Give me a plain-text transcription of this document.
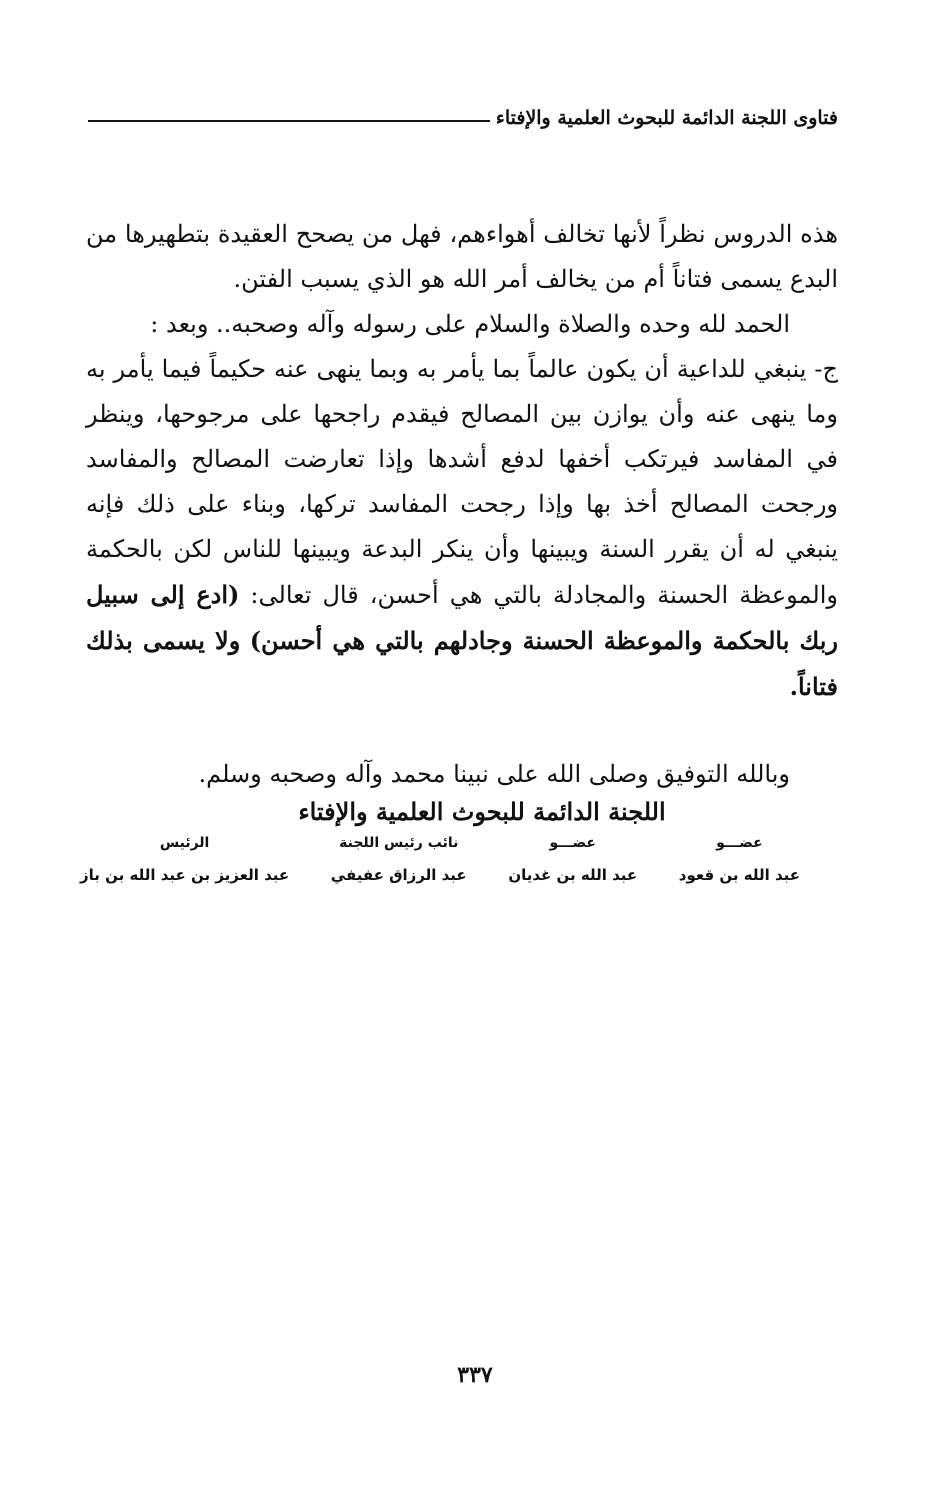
فتاوى اللجنة الدائمة للبحوث العلمية والإفتاء

هذه الدروس نظراً لأنها تخالف أهواءهم، فهل من يصحح العقيدة بتطهيرها من البدع يسمى فتاناً أم من يخالف أمر الله هو الذي يسبب الفتن.

الحمد لله وحده والصلاة والسلام على رسوله وآله وصحبه.. وبعد :

ج- ينبغي للداعية أن يكون عالماً بما يأمر به وبما ينهى عنه حكيماً فيما يأمر به وما ينهى عنه وأن يوازن بين المصالح فيقدم راجحها على مرجوحها، وينظر في المفاسد فيرتكب أخفها لدفع أشدها وإذا تعارضت المصالح والمفاسد ورجحت المصالح أخذ بها وإذا رجحت المفاسد تركها، وبناء على ذلك فإنه ينبغي له أن يقرر السنة ويبينها وأن ينكر البدعة ويبينها للناس لكن بالحكمة والموعظة الحسنة والمجادلة بالتي هي أحسن، قال تعالى: (ادع إلى سبيل ربك بالحكمة والموعظة الحسنة وجادلهم بالتي هي أحسن) ولا يسمى بذلك فتاناً.

وبالله التوفيق وصلى الله على نبينا محمد وآله وصحبه وسلم.
اللجنة الدائمة للبحوث العلمية والإفتاء
عضـــو
عبد الله بن قعود
عضـــو
عبد الله بن غديان
نائب رئيس اللجنة
عبد الرزاق عفيفي
الرئيس
عبد العزيز بن عبد الله بن باز
٣٣٧
